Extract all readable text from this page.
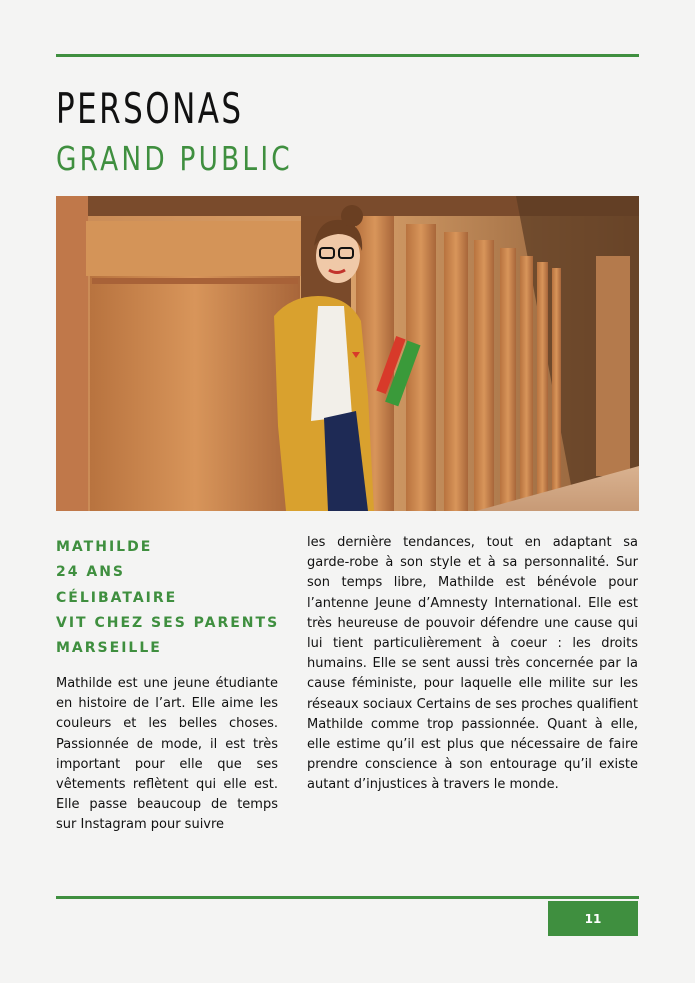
PERSONAS
GRAND PUBLIC
MATHILDE
24 ANS
CÉLIBATAIRE
VIT CHEZ SES PARENTS
MARSEILLE

Mathilde est une jeune étudiante en histoire de l’art. Elle aime les couleurs et les belles choses. Passionnée de mode, il est très important pour elle que ses vêtements reflètent qui elle est. Elle passe beaucoup de temps sur Instagram pour suivre

les dernière tendances, tout en adaptant sa garde-robe à son style et à sa personnalité. Sur son temps libre, Mathilde est bénévole pour l’antenne Jeune d’Amnesty International. Elle est très heureuse de pouvoir défendre une cause qui lui tient particulièrement à coeur : les droits humains. Elle se sent aussi très concernée par la cause féministe, pour laquelle elle milite sur les réseaux sociaux Certains de ses proches qualifient Mathilde comme trop passionnée. Quant à elle, elle estime qu’il est plus que nécessaire de faire prendre conscience à son entourage qu’il existe autant d’injustices à travers le monde.

11
